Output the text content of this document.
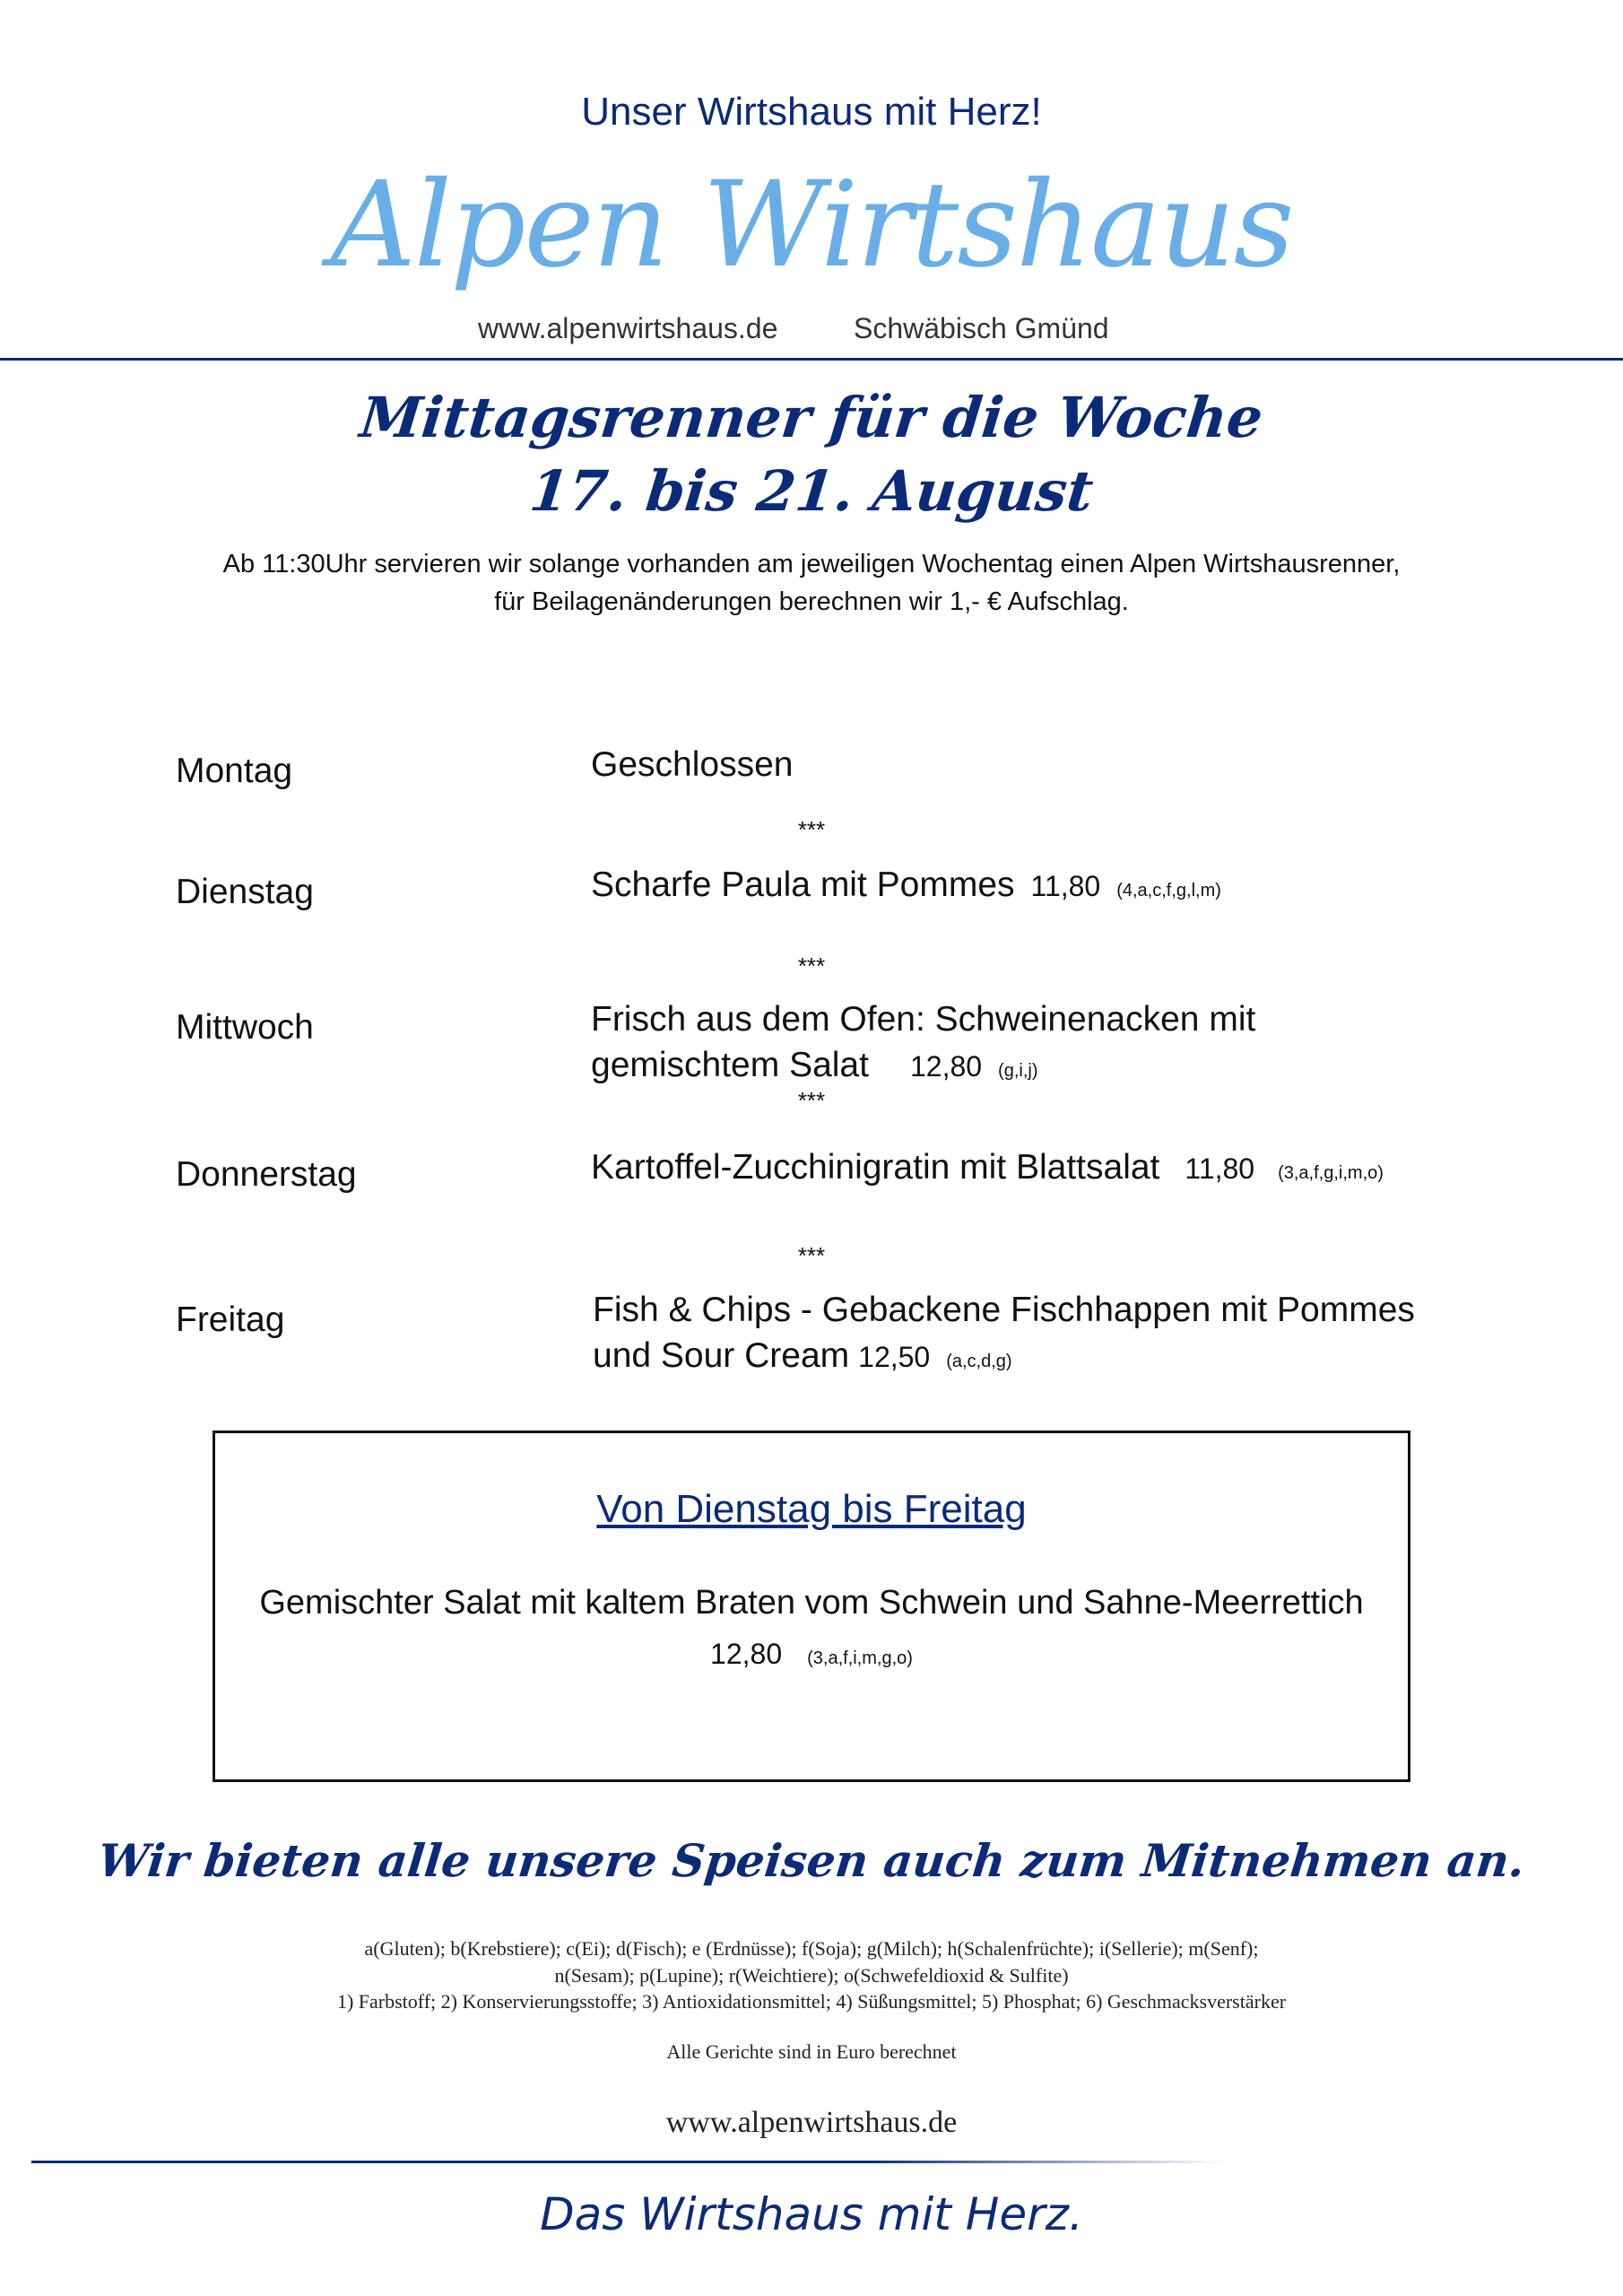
Unser Wirtshaus mit Herz!
Alpen Wirtshaus
www.alpenwirtshaus.de	Schwäbisch Gmünd
Mittagsrenner für die Woche
17. bis 21. August
Ab 11:30Uhr servieren wir solange vorhanden am jeweiligen Wochentag einen Alpen Wirtshausrenner,
für Beilagenänderungen berechnen wir 1,- € Aufschlag.
Montag	Geschlossen
***
Dienstag	Scharfe Paula mit Pommes 11,80 (4,a,c,f,g,l,m)
***
Mittwoch	Frisch aus dem Ofen: Schweinenacken mit
gemischtem Salat 12,80 (g,i,j)
***
Donnerstag	Kartoffel-Zucchinigratin mit Blattsalat 11,80 (3,a,f,g,i,m,o)
***
Freitag	Fish & Chips - Gebackene Fischhappen mit Pommes
und Sour Cream 12,50 (a,c,d,g)
Von Dienstag bis Freitag
Gemischter Salat mit kaltem Braten vom Schwein und Sahne-Meerrettich
12,80 (3,a,f,i,m,g,o)
Wir bieten alle unsere Speisen auch zum Mitnehmen an.
a(Gluten); b(Krebstiere); c(Ei); d(Fisch); e (Erdnüsse); f(Soja); g(Milch); h(Schalenfrüchte); i(Sellerie); m(Senf);
n(Sesam); p(Lupine); r(Weichtiere); o(Schwefeldioxid & Sulfite)
1) Farbstoff; 2) Konservierungsstoffe; 3) Antioxidationsmittel; 4) Süßungsmittel; 5) Phosphat; 6) Geschmacksverstärker
Alle Gerichte sind in Euro berechnet
www.alpenwirtshaus.de
Das Wirtshaus mit Herz.
